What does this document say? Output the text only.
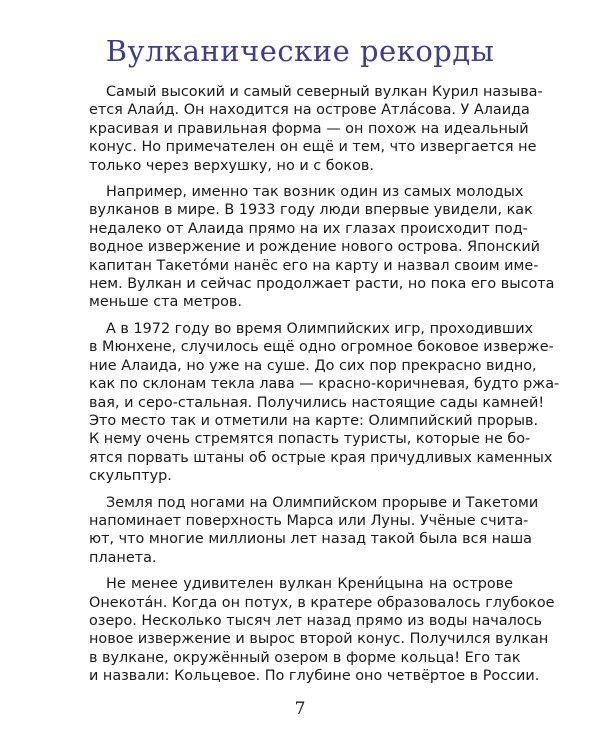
Вулканические рекорды

Самый высокий и самый северный вулкан Курил называ-
ется Алаи́д. Он находится на острове Атла́сова. У Алаида
красивая и правильная форма — он похож на идеальный
конус. Но примечателен он ещё и тем, что извергается не
только через верхушку, но и с боков.

Например, именно так возник один из самых молодых
вулканов в мире. В 1933 году люди впервые увидели, как
недалеко от Алаида прямо на их глазах происходит под-
водное извержение и рождение нового острова. Японский
капитан Такето́ми нанёс его на карту и назвал своим име-
нем. Вулкан и сейчас продолжает расти, но пока его высота
меньше ста метров.

А в 1972 году во время Олимпийских игр, проходивших
в Мюнхене, случилось ещё одно огромное боковое изверже-
ние Алаида, но уже на суше. До сих пор прекрасно видно,
как по склонам текла лава — красно-коричневая, будто ржа-
вая, и серо-стальная. Получились настоящие сады камней!
Это место так и отметили на карте: Олимпийский прорыв.
К нему очень стремятся попасть туристы, которые не бо-
ятся порвать штаны об острые края причудливых каменных
скульптур.

Земля под ногами на Олимпийском прорыве и Такетоми
напоминает поверхность Марса или Луны. Учёные счита-
ют, что многие миллионы лет назад такой была вся наша
планета.

Не менее удивителен вулкан Крени́цына на острове
Онекота́н. Когда он потух, в кратере образовалось глубокое
озеро. Несколько тысяч лет назад прямо из воды началось
новое извержение и вырос второй конус. Получился вулкан
в вулкане, окружённый озером в форме кольца! Его так
и назвали: Кольцевое. По глубине оно четвёртое в России.

7
